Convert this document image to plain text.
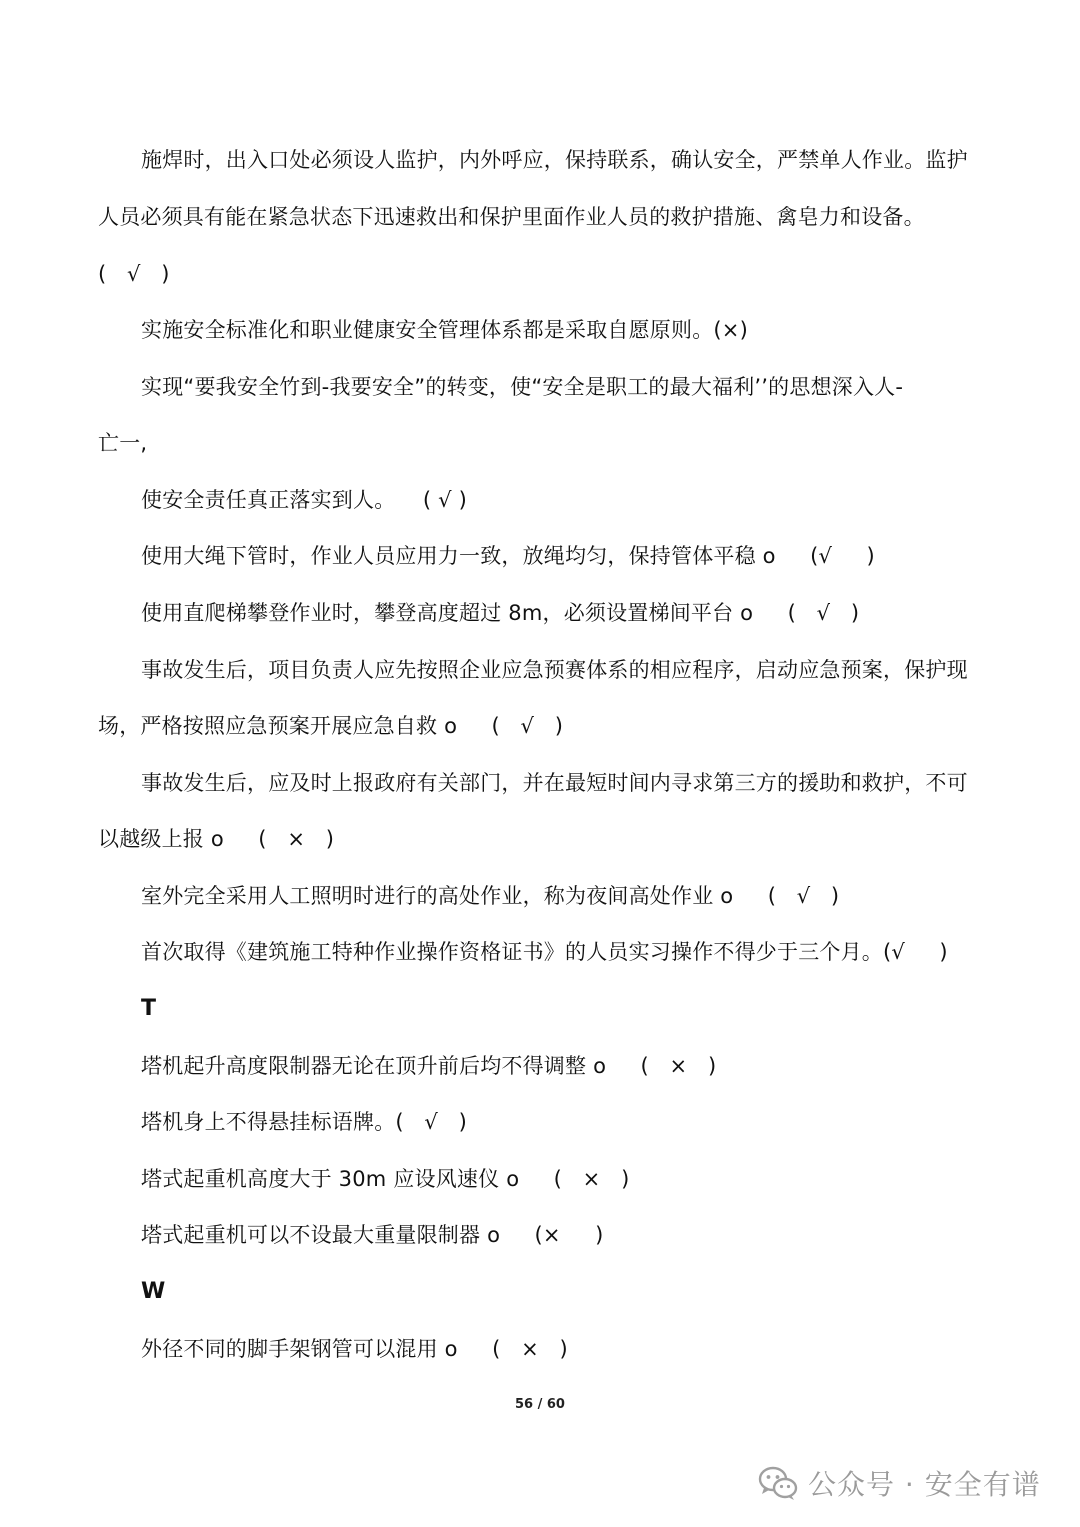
施焊时，出入口处必须设人监护，内外呼应，保持联系，确认安全，严禁单人作业。监护
人员必须具有能在紧急状态下迅速救出和保护里面作业人员的救护措施、禽皂力和设备。
(   √   )
实施安全标准化和职业健康安全管理体系都是采取自愿原则。(×)
实现“要我安全竹到-我要安全”的转变，使“安全是职工的最大福利’’的思想深入人-
亡一,
使安全责任真正落实到人。    ( √ )
使用大绳下管时，作业人员应用力一致，放绳均匀，保持管体平稳 o     (√     )
使用直爬梯攀登作业时，攀登高度超过 8m，必须设置梯间平台 o     (   √   )
事故发生后，项目负责人应先按照企业应急预赛体系的相应程序，启动应急预案，保护现
场，严格按照应急预案开展应急自救 o     (   √   )
事故发生后，应及时上报政府有关部门，并在最短时间内寻求第三方的援助和救护，不可
以越级上报 o     (   ×   )
室外完全采用人工照明时进行的高处作业，称为夜间高处作业 o     (   √   )
首次取得《建筑施工特种作业操作资格证书》的人员实习操作不得少于三个月。(√     )
T
塔机起升高度限制器无论在顶升前后均不得调整 o     (   ×   )
塔机身上不得悬挂标语牌。(   √   )
塔式起重机高度大于 30m 应设风速仪 o     (   ×   )
塔式起重机可以不设最大重量限制器 o     (×     )
W
外径不同的脚手架钢管可以混用 o     (   ×   )
56 / 60
公众号 · 安全有谱
